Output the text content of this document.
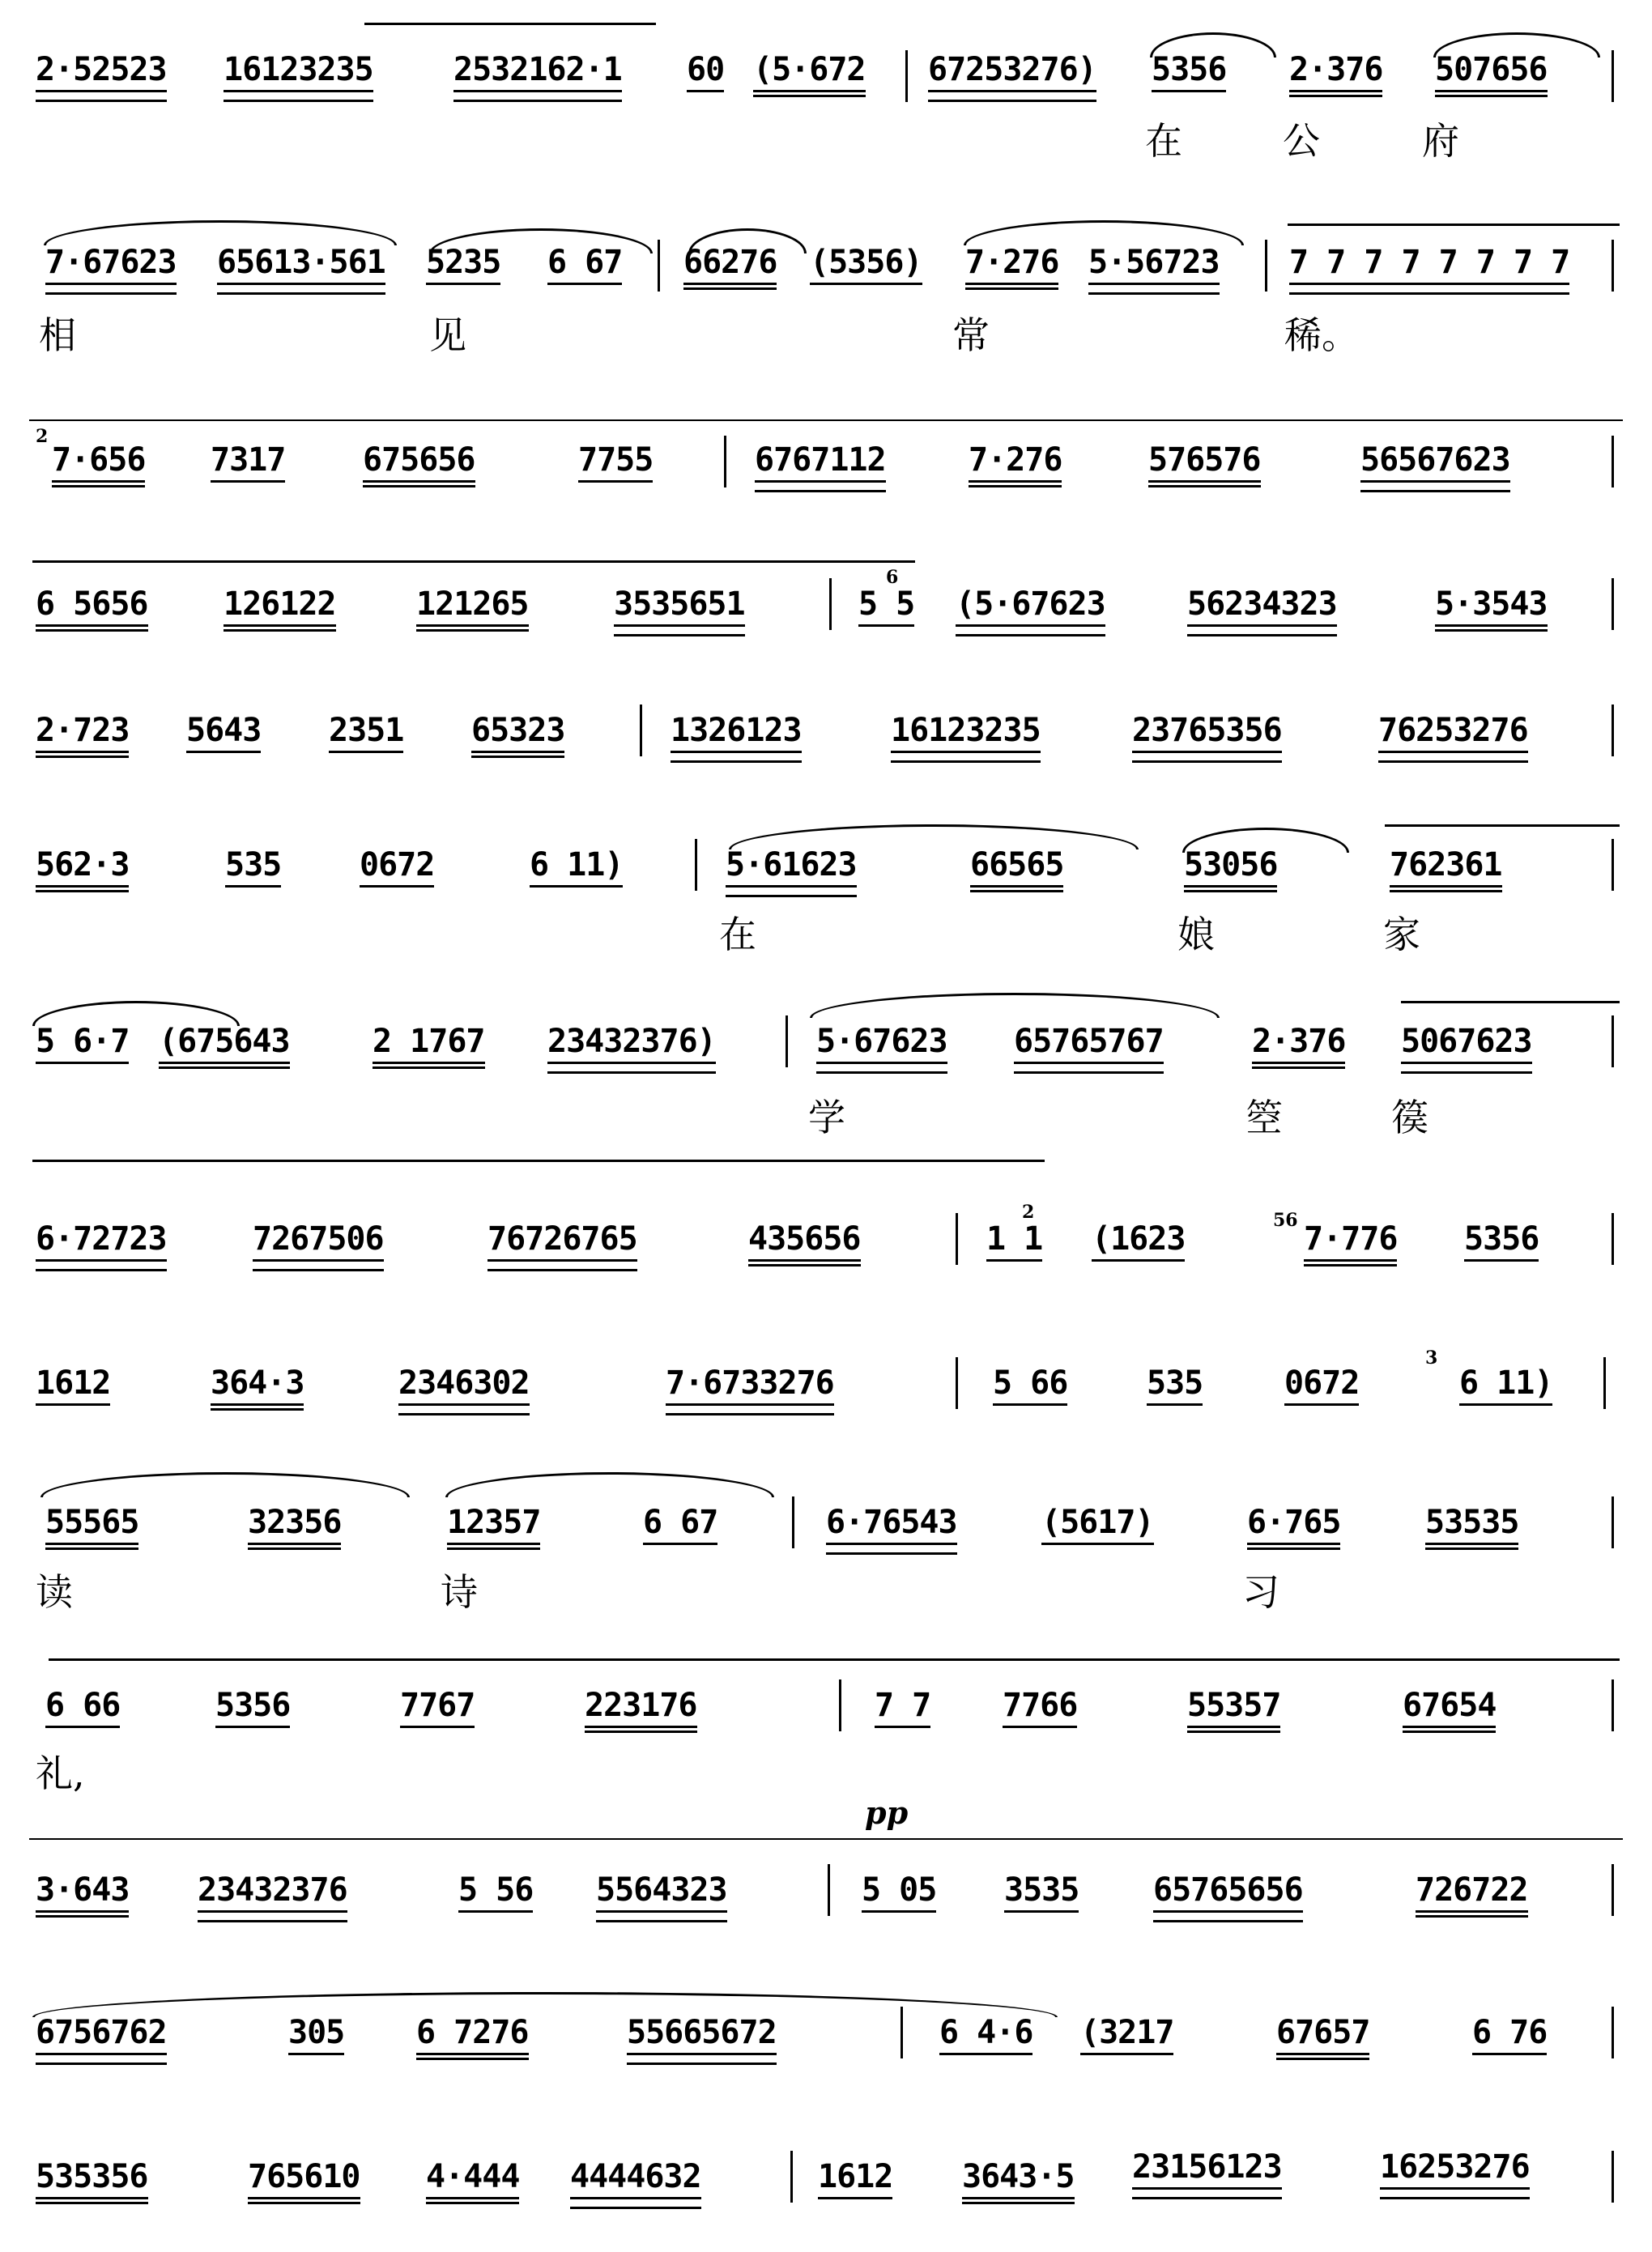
2·52523 16123235 2532162·1 60 (5·672 67253276) 5356 2·376 507656
在	公	府
7·67623 65613·561 5235 6 67 66276 (5356) 7·276 5·56723 7 7 7 7 7 7 7 7
相	见	常	稀。
2
7·656 7317 675656	7755	6767112	7·276	576576	56567623
6 5656 126122 121265	3535651	5 5
6
(5·67623	56234323	5·3543
2·723 5643 2351 65323	1326123	16123235	23765356	76253276
562·3	535 0672	6 11)	5·61623	66565	53056	762361
在	娘	家
5 6·7 (675643	2 1767 23432376)	5·67623 65765767	2·376 5067623
学	箜	篌
6·72723	7267506	76726765	435656	1 1
2
(1623	56 7·776 5356
1612	364·3	2346302	7·6733276	5 66 535	0672
3
6 11)
55565	32356	12357	6 67	6·76543	(5617)	6·765	53535
读	诗	习
6 66	5356	7767	223176	7 7 7766	55357	67654
礼,
pp
3·643 23432376	5 56 5564323	5 05 3535 65765656	726722
6756762	305 6 7276	55665672	6 4·6 (3217	67657	6 76
535356	765610 4·444 4444632	1612 3643·5 23156123	16253276
